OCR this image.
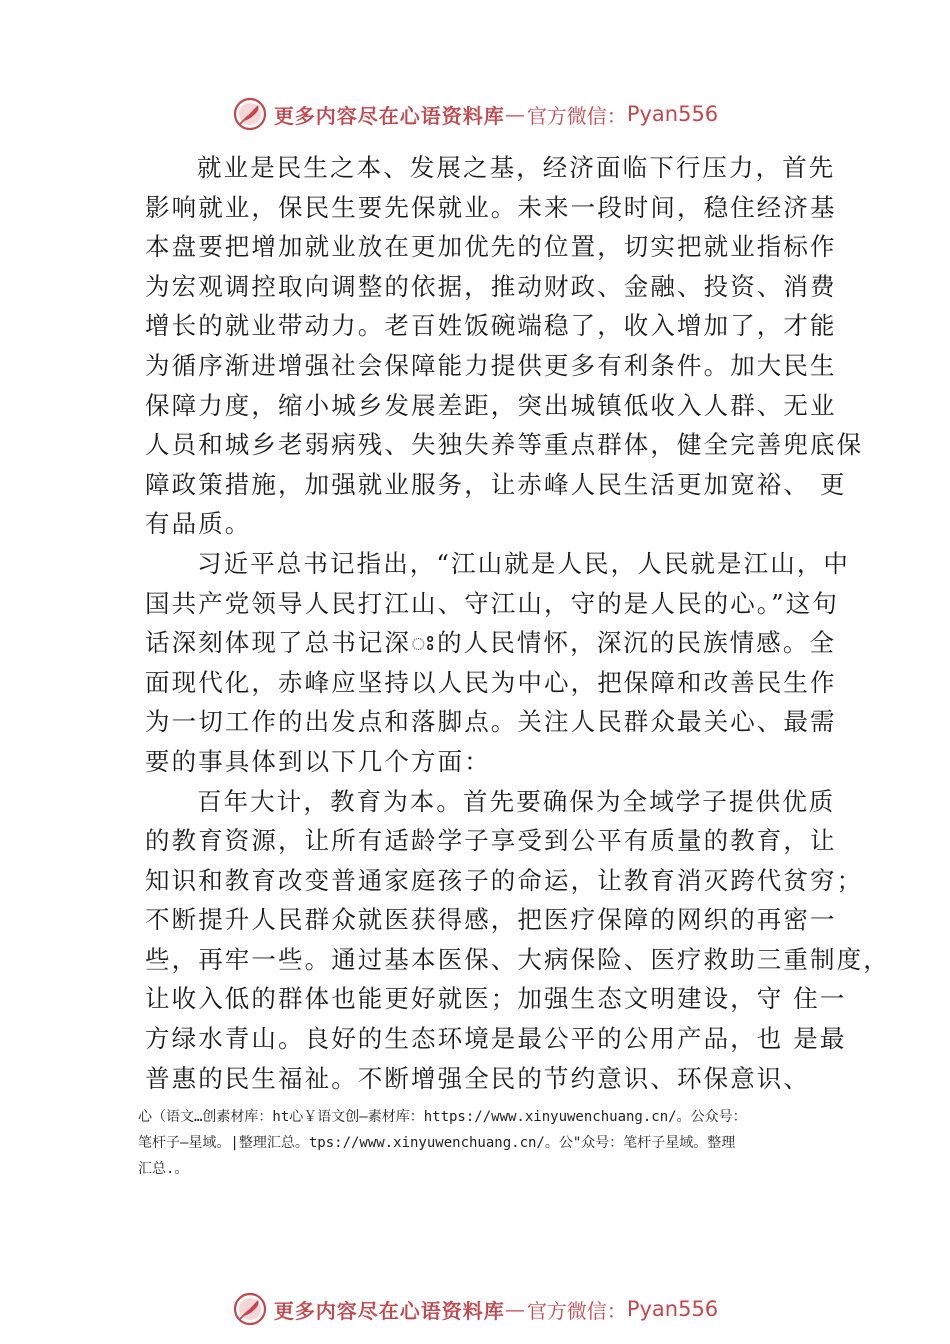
更多内容尽在心语资料库 — 官方微信： Pyan556
就业是民生之本、发展之基，经济面临下行压力，首先
影响就业，保民生要先保就业。未来一段时间，稳住经济基
本盘要把增加就业放在更加优先的位置，切实把就业指标作
为宏观调控取向调整的依据，推动财政、金融、投资、消费
增长的就业带动力。老百姓饭碗端稳了，收入增加了，才能
为循序渐进增强社会保障能力提供更多有利条件。加大民生
保障力度，缩小城乡发展差距，突出城镇低收入人群、无业
人员和城乡老弱病残、失独失养等重点群体，健全完善兜底保
障政策措施，加强就业服务，让赤峰人民生活更加宽裕、 更
有品质。
习近平总书记指出，“江山就是人民，人民就是江山，中
国共产党领导人民打江山、守江山，守的是人民的心。”这句
话深刻体现了总书记深ꢁ的人民情怀，深沉的民族情感。全
面现代化，赤峰应坚持以人民为中心，把保障和改善民生作
为一切工作的出发点和落脚点。关注人民群众最关心、最需
要的事具体到以下几个方面：
百年大计，教育为本。首先要确保为全域学子提供优质
的教育资源，让所有适龄学子享受到公平有质量的教育，让
知识和教育改变普通家庭孩子的命运，让教育消灭跨代贫穷；
不断提升人民群众就医获得感，把医疗保障的网织的再密一
些，再牢一些。通过基本医保、大病保险、医疗救助三重制度，
让收入低的群体也能更好就医；加强生态文明建设，守 住一
方绿水青山。良好的生态环境是最公平的公用产品，也 是最
普惠的民生福祉。不断增强全民的节约意识、环保意识、
心（语文…创素材库：ht心￥语文创—素材库：https://www.xinyuwenchuang.cn/。公众号：
笔杆子—星域。|整理汇总。tps://www.xinyuwenchuang.cn/。公"众号：笔杆子星域。整理
汇总.。
更多内容尽在心语资料库 — 官方微信： Pyan556
